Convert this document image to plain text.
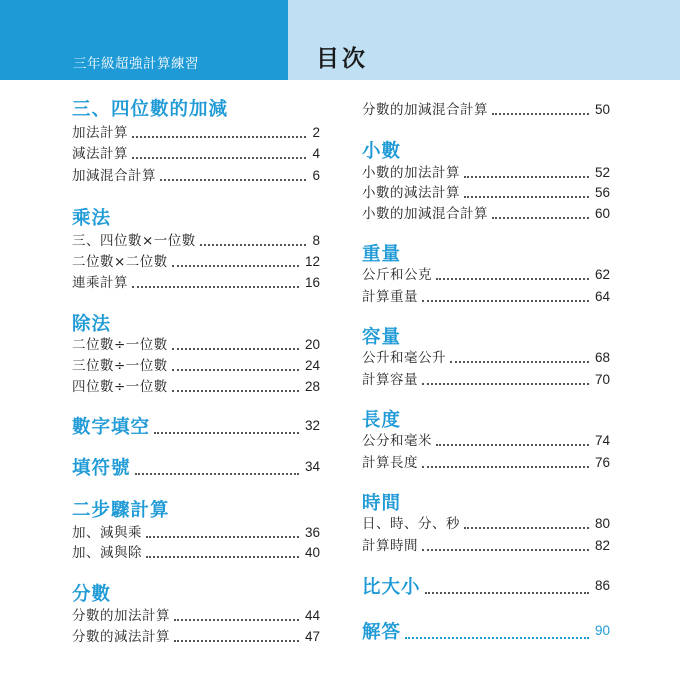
三年級超強計算練習	目次
三、四位數的加減
加法計算	2
減法計算	4
加減混合計算	6
乘法
三、四位數×一位數	8
二位數×二位數	12
連乘計算	16
除法
二位數÷一位數	20
三位數÷一位數	24
四位數÷一位數	28
數字填空	32
填符號	34
二步驟計算
加、減與乘	36
加、減與除	40
分數
分數的加法計算	44
分數的減法計算	47
分數的加減混合計算	50
小數
小數的加法計算	52
小數的減法計算	56
小數的加減混合計算	60
重量
公斤和公克	62
計算重量	64
容量
公升和毫公升	68
計算容量	70
長度
公分和毫米	74
計算長度	76
時間
日、時、分、秒	80
計算時間	82
比大小	86
解答	90
